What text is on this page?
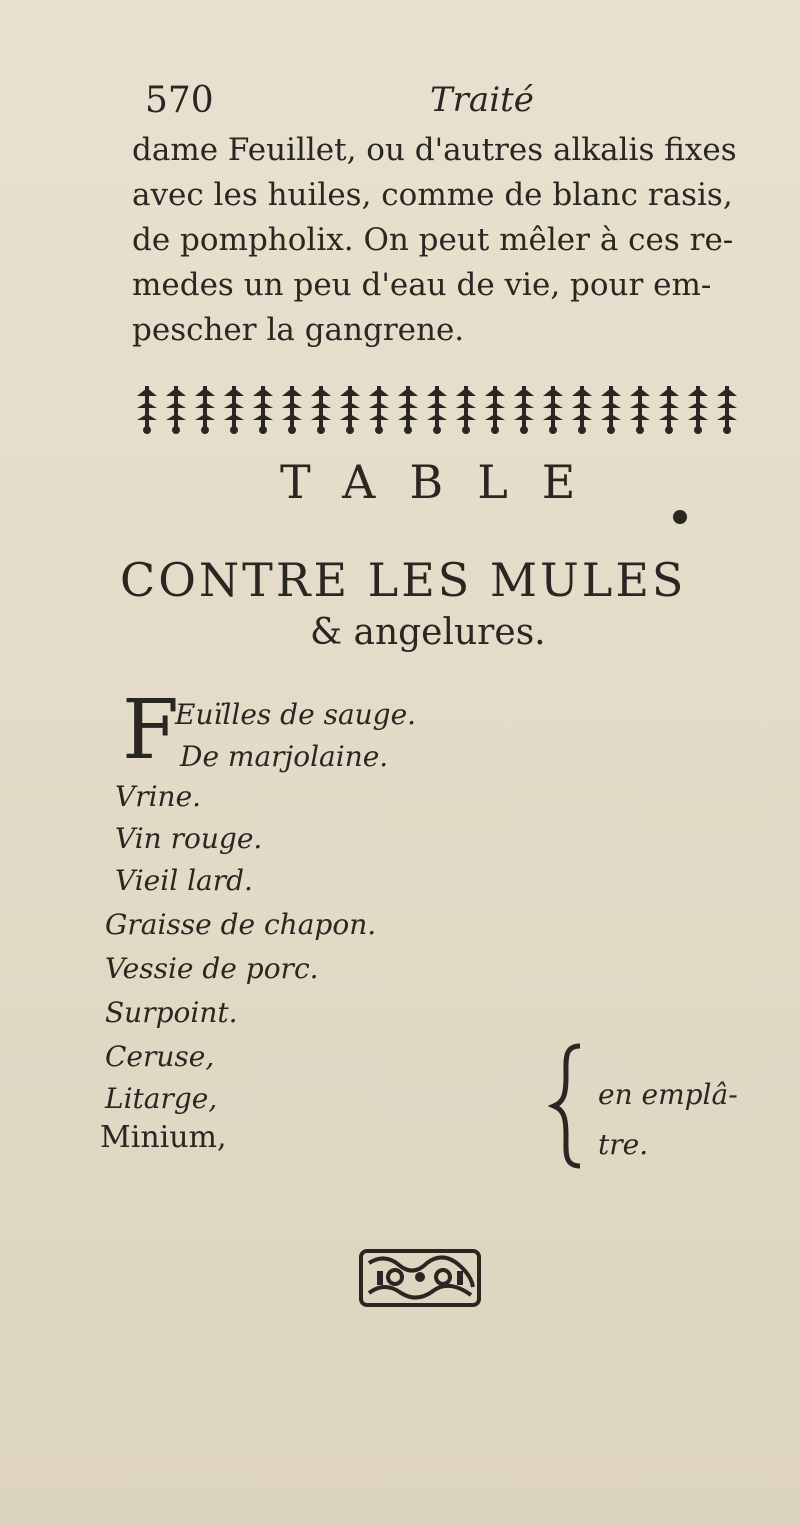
570	Traité
dame Feuillet, ou d'autres alkalis fixes
avec les huiles, comme de blanc rasis,
de pompholix. On peut mêler à ces re-
medes un peu d'eau de vie, pour em-
pescher la gangrene.
TABLE
CONTRE LES MULES
& angelures.
F
Euïlles de sauge.
De marjolaine.
Vrine.
Vin rouge.
Vieil lard.
Graisse de chapon.
Vessie de porc.
Surpoint.
Ceruse,
Litarge,
Minium,
en emplâ-
tre.
